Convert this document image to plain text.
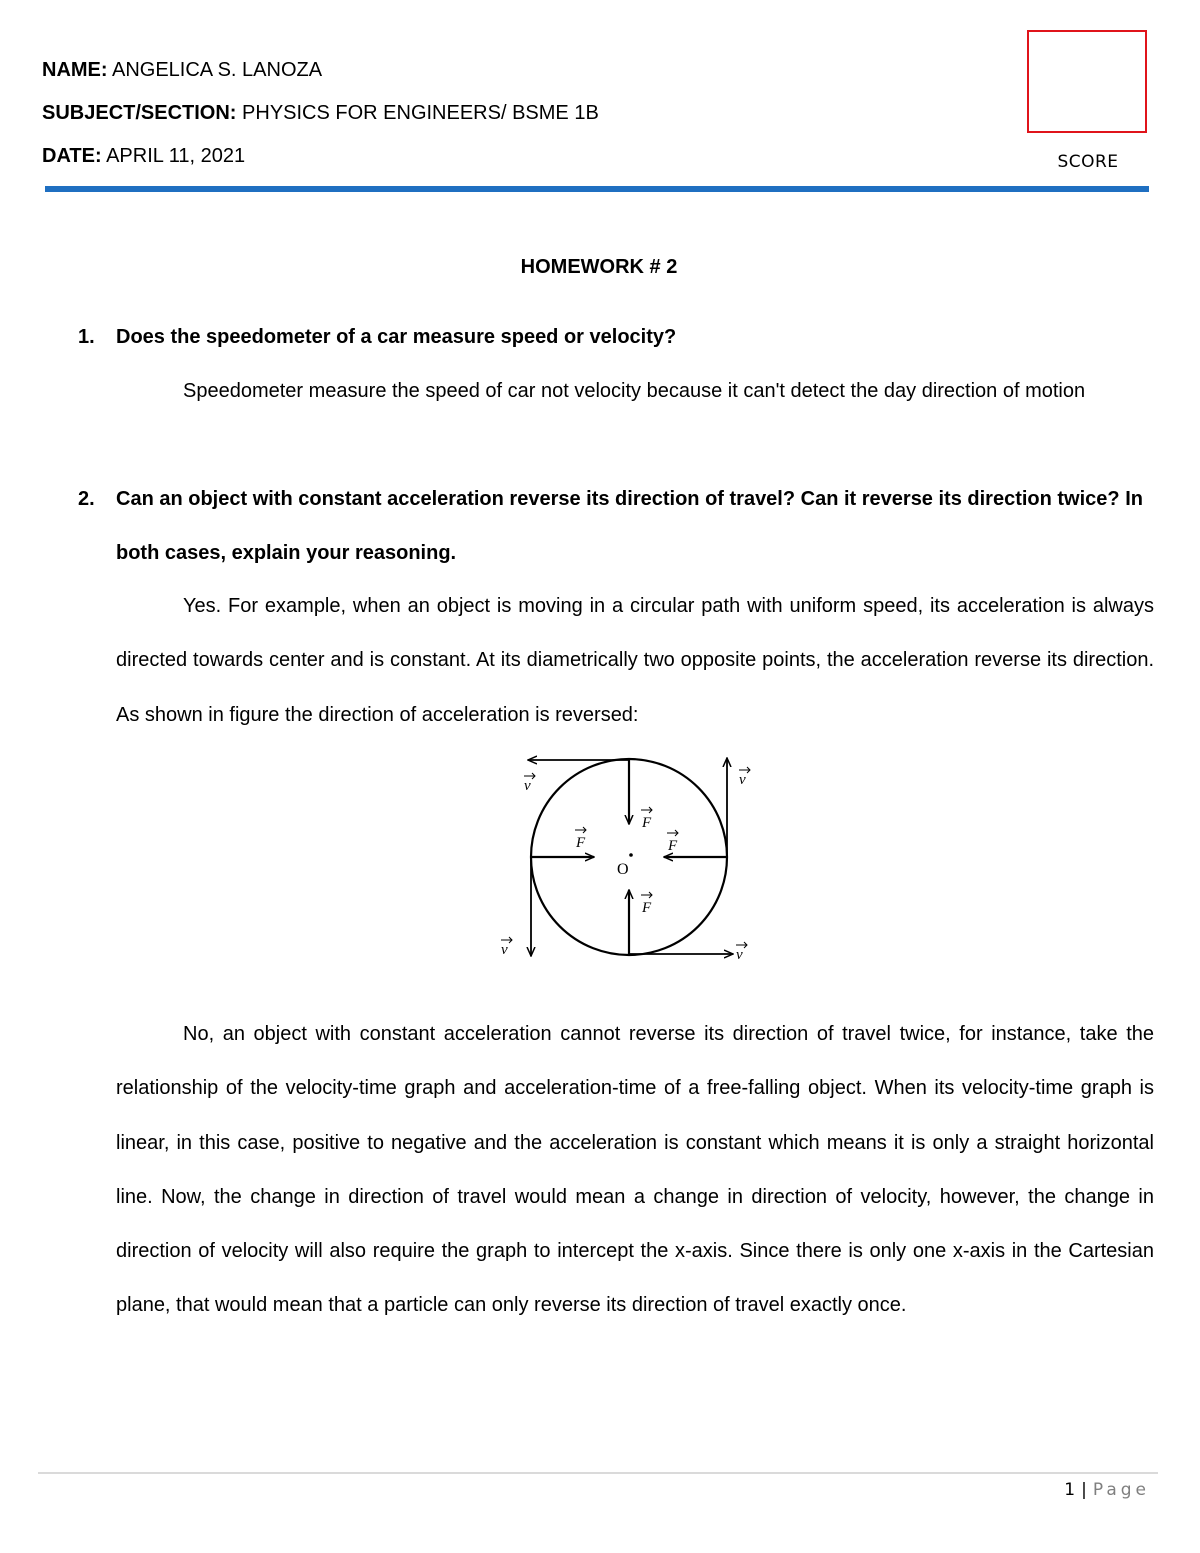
NAME: ANGELICA S. LANOZA
SUBJECT/SECTION: PHYSICS FOR ENGINEERS/ BSME 1B
DATE: APRIL 11, 2021	SCORE
HOMEWORK # 2
1. Does the speedometer of a car measure speed or velocity?
Speedometer measure the speed of car not velocity because it can't detect the day direction of motion
2. Can an object with constant acceleration reverse its direction of travel? Can it reverse its direction twice? In both cases, explain your reasoning.
Yes. For example, when an object is moving in a circular path with uniform speed, its acceleration is always directed towards center and is constant. At its diametrically two opposite points, the acceleration reverse its direction. As shown in figure the direction of acceleration is reversed:
O
F
F	F
F
v	v
v	v
No, an object with constant acceleration cannot reverse its direction of travel twice, for instance, take the relationship of the velocity-time graph and acceleration-time of a free-falling object. When its velocity-time graph is linear, in this case, positive to negative and the acceleration is constant which means it is only a straight horizontal line. Now, the change in direction of travel would mean a change in direction of velocity, however, the change in direction of velocity will also require the graph to intercept the x-axis. Since there is only one x-axis in the Cartesian plane, that would mean that a particle can only reverse its direction of travel exactly once.
1 | Page
